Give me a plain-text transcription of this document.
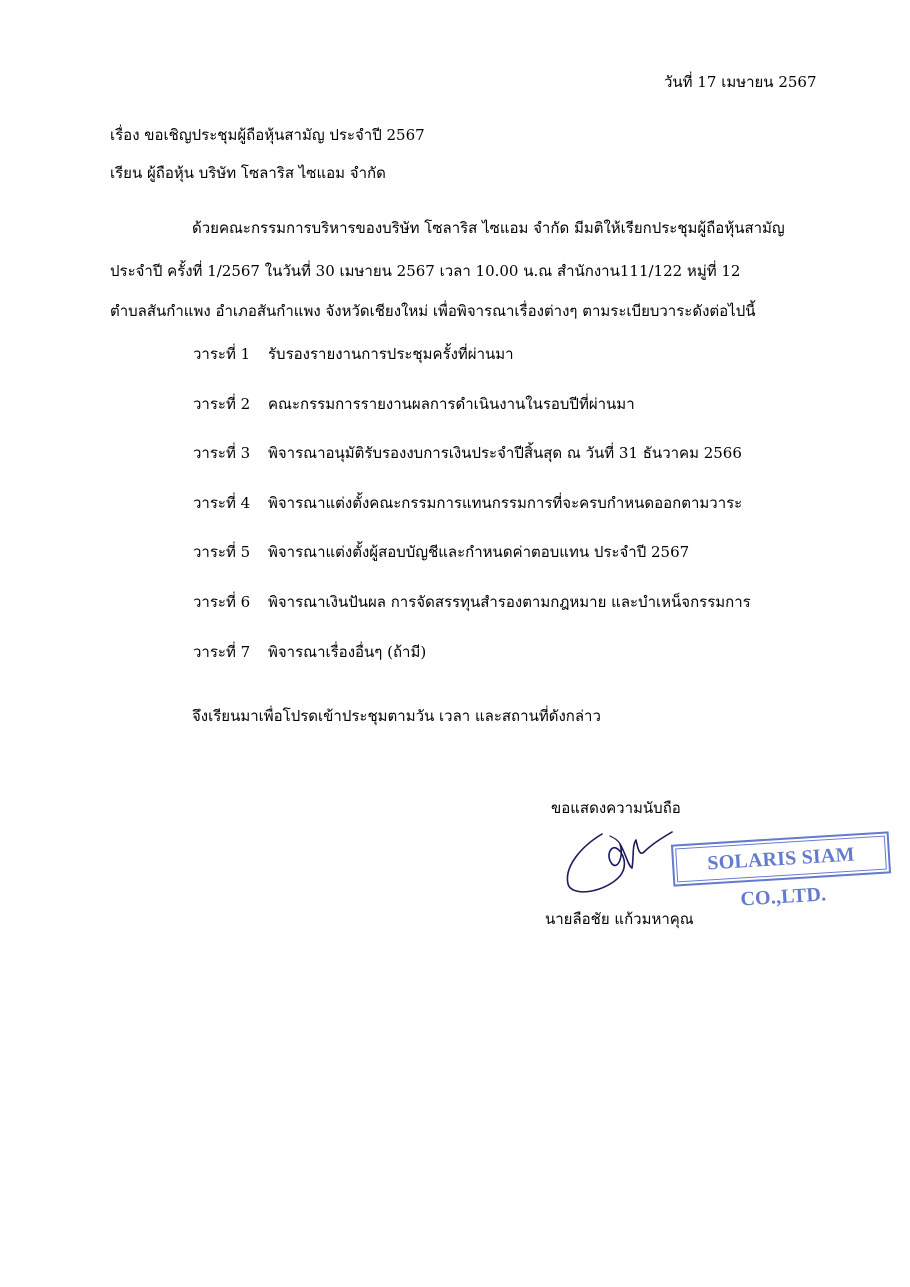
วันที่ 17 เมษายน 2567
เรื่อง ขอเชิญประชุมผู้ถือหุ้นสามัญ ประจำปี 2567
เรียน ผู้ถือหุ้น บริษัท โซลาริส ไซแอม จำกัด
ด้วยคณะกรรมการบริหารของบริษัท โซลาริส ไซแอม จำกัด มีมติให้เรียกประชุมผู้ถือหุ้นสามัญ
ประจำปี ครั้งที่ 1/2567 ในวันที่ 30 เมษายน 2567 เวลา 10.00 น.ณ สำนักงาน111/122 หมู่ที่ 12
ตำบลสันกำแพง อำเภอสันกำแพง จังหวัดเชียงใหม่ เพื่อพิจารณาเรื่องต่างๆ ตามระเบียบวาระดังต่อไปนี้
วาระที่ 1 รับรองรายงานการประชุมครั้งที่ผ่านมา
วาระที่ 2 คณะกรรมการรายงานผลการดำเนินงานในรอบปีที่ผ่านมา
วาระที่ 3 พิจารณาอนุมัติรับรองงบการเงินประจำปีสิ้นสุด ณ วันที่ 31 ธันวาคม 2566
วาระที่ 4 พิจารณาแต่งตั้งคณะกรรมการแทนกรรมการที่จะครบกำหนดออกตามวาระ
วาระที่ 5 พิจารณาแต่งตั้งผู้สอบบัญชีและกำหนดค่าตอบแทน ประจำปี 2567
วาระที่ 6 พิจารณาเงินปันผล การจัดสรรทุนสำรองตามกฎหมาย และบำเหน็จกรรมการ
วาระที่ 7 พิจารณาเรื่องอื่นๆ (ถ้ามี)
จึงเรียนมาเพื่อโปรดเข้าประชุมตามวัน เวลา และสถานที่ดังกล่าว
ขอแสดงความนับถือ
SOLARIS SIAM CO.,LTD.
นายลือชัย แก้วมหาคุณ
